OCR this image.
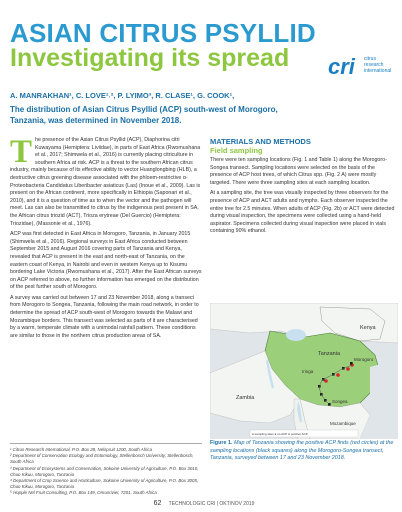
ASIAN CITRUS PSYLLID
Investigating its spread cri citrus
research
international
A. MANRAKHAN¹, C. LOVE¹˒², P. LYIMO³, R. CLASE¹, G. COOK¹,
The distribution of Asian Citrus Psyllid (ACP) south-west of Morogoro, Tanzania, was determined in November 2018.

The presence of the Asian Citrus Psyllid (ACP), Diaphorina citri Kuwayama (Hemiptera: Liviidae), in parts of East Africa (Rwomushana et al., 2017; Shimwela et al., 2016) is currently placing citriculture in southern Africa at risk. ACP is a threat to the southern African citrus industry, mainly because of its effective ability to vector Huanglongbing (HLB), a destructive citrus greening disease associated with the phloem-restrictive α-Proteobacteria Candidatus Liberibacter asiaticus (Las) (Inoue et al., 2009). Las is present on the African continent, more specifically in Ethiopia (Saponari et al., 2010), and it is a question of time as to when the vector and the pathogen will meet. Las can also be transmitted to citrus by the indigenous pest present in SA, the African citrus triozid (ACT), Trioza erytreae (Del Guercio) (Hemiptera: Triozidae), (Massonie et al., 1976).

ACP was first detected in East Africa in Morogoro, Tanzania, in January 2015 (Shimwela et al., 2016). Regional surveys in East Africa conducted between September 2015 and August 2016 covering parts of Tanzania and Kenya, revealed that ACP is present in the east and north-east of Tanzania, on the eastern coast of Kenya, in Nairobi and even in western Kenya up to Kisumu bordering Lake Victoria (Rwomushana et al., 2017). After the East African surveys on ACP referred to above, no further information has emerged on the distribution of the pest further south of Morogoro.

A survey was carried out between 17 and 23 November 2018, along a transect from Morogoro to Songea, Tanzania, following the main road network, in order to determine the spread of ACP south-west of Morogoro towards the Malawi and Mozambique borders. This transect was selected as parts of it are characterised by a warm, temperate climate with a unimodal rainfall pattern. These conditions are similar to those in the northern citrus production areas of SA.

¹ Citrus Research International, P.O. Box 28, Nelspruit 1200, South Africa
² Department of Conservation Ecology and Entomology, Stellenbosch University, Stellenbosch, South Africa
³ Department of Ecosystems and Conservation, Sokoine University of Agriculture, P.O. Box 3010, Chuo Kikuu, Morogoro, Tanzania
⁴ Department of Crop Science and Horticulture, Sokoine University of Agriculture, P.O. Box 3005, Chuo Kikuu, Morogoro, Tanzania
⁵ Hopple Nel Fruit Consulting, P.O. Box 149, Onrusrivier, 7201, South Africa
MATERIALS AND METHODS
Field sampling

There were ten sampling locations (Fig. 1 and Table 1) along the Morogoro-Songea transect. Sampling locations were selected on the basis of the presence of ACP host trees, of which Citrus spp. (Fig. 2 A) were mostly targeted. There were three sampling sites at each sampling location.

At a sampling site, the tree was visually inspected by three observers for the presence of ACP and ACT adults and nymphs. Each observer inspected the entire tree for 2.5 minutes. When adults of ACP (Fig. 2b) or ACT were detected during visual inspection, the specimens were collected using a hand-held aspirator. Specimens collected during visual inspection were placed in vials containing 90% ethanol.

Kenya
Tanzania
Morogoro
Iringa
Songea
Zambia
Mozambique
● sampling sites ● no ACP ● positive ACP
Figure 1. Map of Tanzania showing the positive ACP finds (red circles) at the sampling locations (black squares) along the Morogoro-Songea transect, Tanzania, surveyed between 17 and 23 November 2018.
62 TECHNOLOGIC CRI | OKT/NOV 2019
